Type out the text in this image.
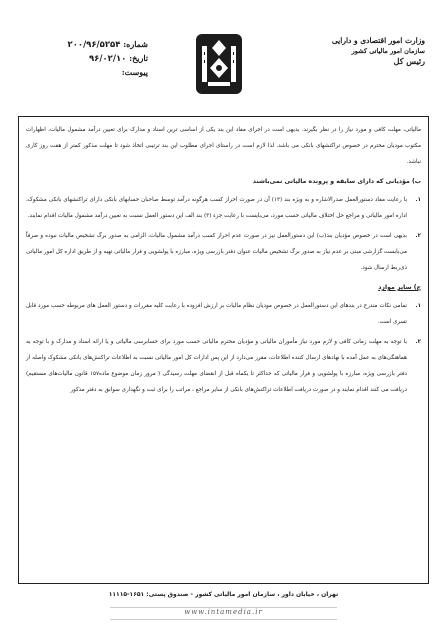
وزارت امور اقتصادی و دارایی
سازمان امور مالیاتی کشور
رئیس کل
شماره: ۲۰۰/۹۶/۵۲۵۴
تاریخ: ۹۶/۰۲/۱۰
پیوست:

مالیاتی، مهلت کافی و مورد نیاز را در نظر بگیرند. بدیهی است در اجرای مفاد این بند یکی از اساسی ترین اسناد و مدارک برای تعیین درآمد مشمول مالیات، اظهارات مکتوب مودیان محترم در خصوص تراکنشهای بانکی می باشد. لذا لازم است در راستای اجرای مطلوب این بند ترتیبی اتخاذ شود تا مهلت مذکور کمتر از هفت روز کاری نباشد.

ب) مؤدیانی که دارای سابقه و پرونده مالیاتی نمی‌باشند

۱.
با رعایت مفاد دستورالعمل صدرالاشاره و به ویژه بند (۱۳) آن در صورت احراز کسب هرگونه درآمد توسط صاحبان حسابهای بانکی دارای تراکنشهای بانکی مشکوک، اداره امور مالیاتی و مراجع حل اختلاف مالیاتی حسب مورد، می‌بایست با رعایت جزء (۳) بند الف این دستور العمل نسبت به تعیین درآمد مشمول مالیات اقدام نمایند.

۲.
بدیهی است در خصوص مؤدیان بند(ب) این دستورالعمل نیز در صورت عدم احراز کسب درآمد مشمول مالیات، الزامی به صدور برگ تشخیص مالیات نبوده و صرفاً می‌بایست گزارشی مبنی بر عدم نیاز به صدور برگ تشخیص مالیات عنوان دفتر بازرسی ویژه، مبارزه با پولشویی و فرار مالیاتی تهیه و از طریق اداره کل امور مالیاتی ذی‌ربط ارسال شود.

ج) سایر موارد

۱.
تمامی نکات مندرج در بندهای این دستورالعمل در خصوص مودیان نظام مالیات بر ارزش افزوده با رعایت کلیه مقررات و دستور العمل های مربوطه حسب مورد قابل تسری است.

۲.
با توجه به مهلت زمانی کافی و لازم مورد نیاز مأموران مالیاتی و مؤدیان محترم مالیاتی حسب مورد برای حسابرسی مالیاتی و یا ارائه اسناد و مدارک و با توجه به هماهنگی‌های به عمل آمده با نهادهای ارسال کننده اطلاعات، مقرر می‌دارد از این پس ادارات کل امور مالیاتی نسبت به اطلاعات تراکنش‌های بانکی مشکوک واصله از دفتر بازرسی ویژه، مبارزه با پولشویی و فرار مالیاتی که حداکثر تا یکماه قبل از انقضای مهلت رسیدگی ( مرور زمان موضوع ماده۱۵۷ قانون مالیات‌های مستقیم) دریافت می کنند اقدام نمایند و در صورت دریافت اطلاعات تراکنش‌های بانکی از سایر مراجع ، مراتب را برای ثبت و نگهداری سوابق به دفتر مذکور

تهران ، خیابان داور ، سازمان امور مالیاتی کشور - صندوق پستی: ۱۶۵۱-۱۱۱۱۵
www.intamedia.ir
